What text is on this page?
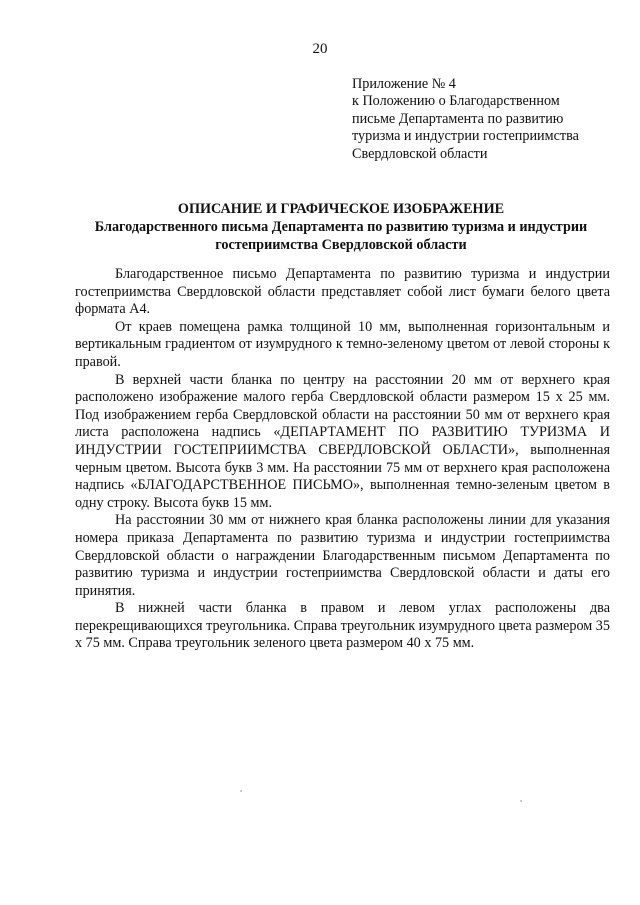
20
Приложение № 4
к Положению о Благодарственном
письме Департамента по развитию
туризма и индустрии гостеприимства
Свердловской области
ОПИСАНИЕ И ГРАФИЧЕСКОЕ ИЗОБРАЖЕНИЕ
Благодарственного письма Департамента по развитию туризма и индустрии гостеприимства Свердловской области

Благодарственное письмо Департамента по развитию туризма и индустрии гостеприимства Свердловской области представляет собой лист бумаги белого цвета формата А4.

От краев помещена рамка толщиной 10 мм, выполненная горизонтальным и вертикальным градиентом от изумрудного к темно-зеленому цветом от левой стороны к правой.

В верхней части бланка по центру на расстоянии 20 мм от верхнего края расположено изображение малого герба Свердловской области размером 15 х 25 мм. Под изображением герба Свердловской области на расстоянии 50 мм от верхнего края листа расположена надпись «ДЕПАРТАМЕНТ ПО РАЗВИТИЮ ТУРИЗМА И ИНДУСТРИИ ГОСТЕПРИИМСТВА СВЕРДЛОВСКОЙ ОБЛАСТИ», выполненная черным цветом. Высота букв 3 мм. На расстоянии 75 мм от верхнего края расположена надпись «БЛАГОДАРСТВЕННОЕ ПИСЬМО», выполненная темно-зеленым цветом в одну строку. Высота букв 15 мм.

На расстоянии 30 мм от нижнего края бланка расположены линии для указания номера приказа Департамента по развитию туризма и индустрии гостеприимства Свердловской области о награждении Благодарственным письмом Департамента по развитию туризма и индустрии гостеприимства Свердловской области и даты его принятия.

В нижней части бланка в правом и левом углах расположены два перекрещивающихся треугольника. Справа треугольник изумрудного цвета размером 35 х 75 мм. Справа треугольник зеленого цвета размером 40 х 75 мм.
